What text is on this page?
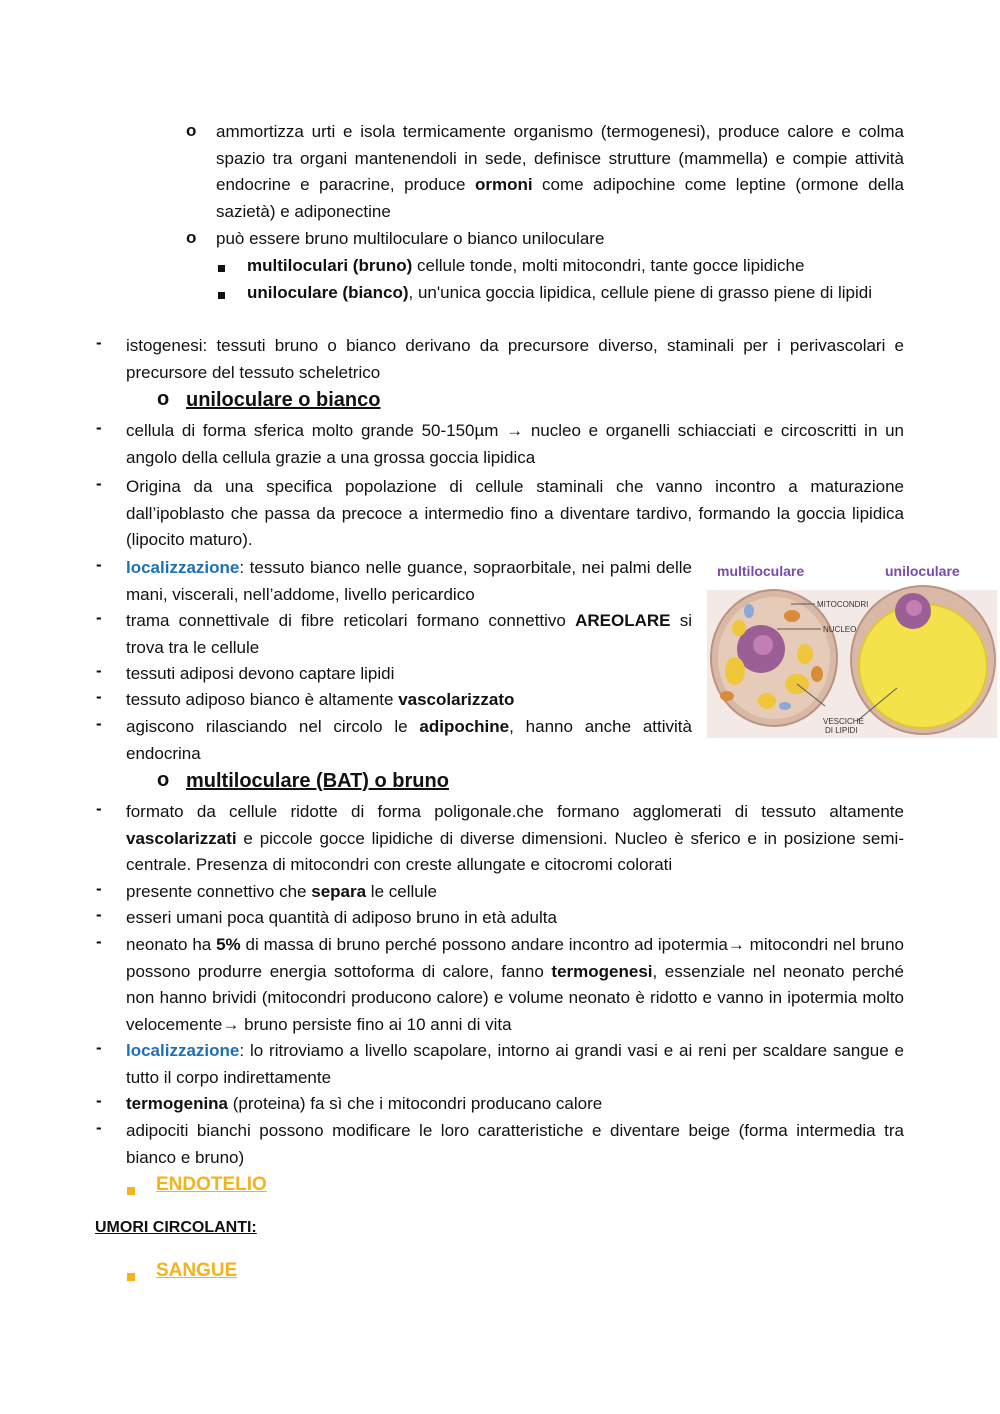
o ammortizza urti e isola termicamente organismo (termogenesi), produce calore e colma spazio tra organi mantenendoli in sede, definisce strutture (mammella) e compie attività endocrine e paracrine, produce ormoni come adipochine come leptine (ormone della sazietà) e adiponectine
o può essere bruno multiloculare o bianco uniloculare
multiloculari (bruno) cellule tonde, molti mitocondri, tante gocce lipidiche
uniloculare (bianco), un'unica goccia lipidica, cellule piene di grasso piene di lipidi
- istogenesi: tessuti bruno o bianco derivano da precursore diverso, staminali per i perivascolari e precursore del tessuto scheletrico
o uniloculare o bianco
- cellula di forma sferica molto grande 50-150µm → nucleo e organelli schiacciati e circoscritti in un angolo della cellula grazie a una grossa goccia lipidica
- Origina da una specifica popolazione di cellule staminali che vanno incontro a maturazione dall’ipoblasto che passa da precoce a intermedio fino a diventare tardivo, formando la goccia lipidica (lipocito maturo).
- localizzazione: tessuto bianco nelle guance, sopraorbitale, nei palmi delle mani, viscerali, nell’addome, livello pericardico
- trama connettivale di fibre reticolari formano connettivo AREOLARE si trova tra le cellule
- tessuti adiposi devono captare lipidi
- tessuto adiposo bianco è altamente vascolarizzato
- agiscono rilasciando nel circolo le adipochine, hanno anche attività endocrina
o multiloculare (BAT) o bruno
- formato da cellule ridotte di forma poligonale.che formano agglomerati di tessuto altamente vascolarizzati e piccole gocce lipidiche di diverse dimensioni. Nucleo è sferico e in posizione semi-centrale. Presenza di mitocondri con creste allungate e citocromi colorati
- presente connettivo che separa le cellule
- esseri umani poca quantità di adiposo bruno in età adulta
- neonato ha 5% di massa di bruno perché possono andare incontro ad ipotermia→ mitocondri nel bruno possono produrre energia sottoforma di calore, fanno termogenesi, essenziale nel neonato perché non hanno brividi (mitocondri producono calore) e volume neonato è ridotto e vanno in ipotermia molto velocemente→ bruno persiste fino ai 10 anni di vita
- localizzazione: lo ritroviamo a livello scapolare, intorno ai grandi vasi e ai reni per scaldare sangue e tutto il corpo indirettamente
- termogenina (proteina) fa sì che i mitocondri producano calore
- adipociti bianchi possono modificare le loro caratteristiche e diventare beige (forma intermedia tra bianco e bruno)
ENDOTELIO
UMORI CIRCOLANTI:
SANGUE
multiloculare	uniloculare
MITOCONDRI
NUCLEO
VESCICHE
DI LIPIDI
